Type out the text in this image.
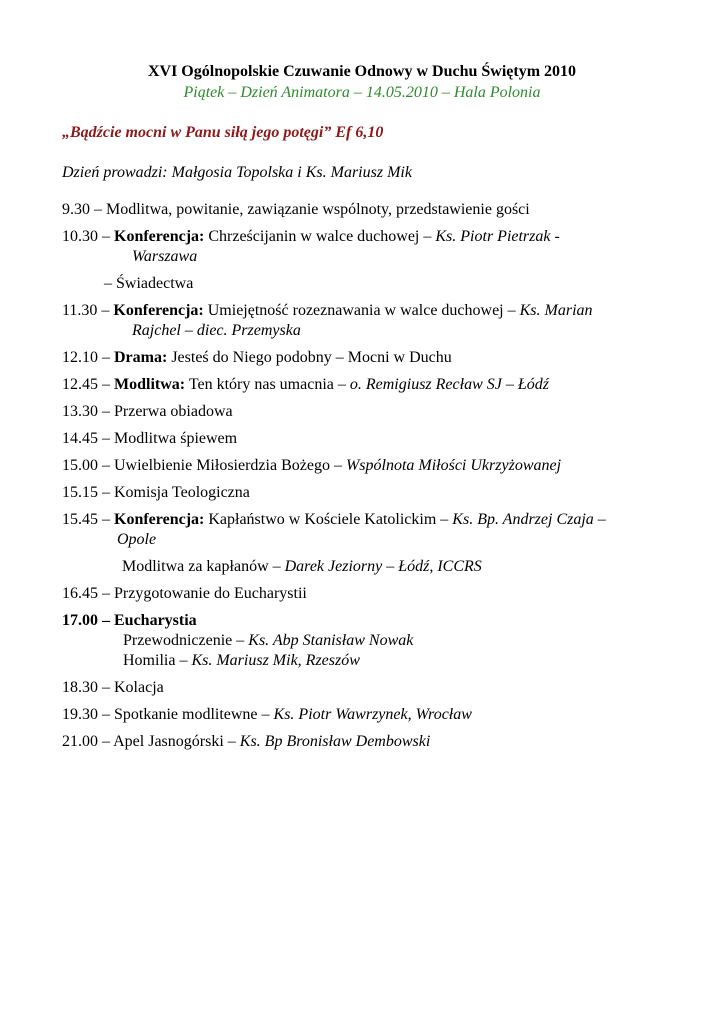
XVI Ogólnopolskie Czuwanie Odnowy w Duchu Świętym 2010

Piątek – Dzień Animatora – 14.05.2010 – Hala Polonia

„Bądźcie mocni w Panu siłą jego potęgi” Ef 6,10

Dzień prowadzi: Małgosia Topolska i Ks. Mariusz Mik

9.30 – Modlitwa, powitanie, zawiązanie wspólnoty, przedstawienie gości
10.30 – Konferencja: Chrześcijanin w walce duchowej – Ks. Piotr Pietrzak -
Warszawa
– Świadectwa
11.30 – Konferencja: Umiejętność rozeznawania w walce duchowej – Ks. Marian
Rajchel – diec. Przemyska
12.10 – Drama: Jesteś do Niego podobny – Mocni w Duchu
12.45 – Modlitwa: Ten który nas umacnia – o. Remigiusz Recław SJ – Łódź
13.30 – Przerwa obiadowa
14.45 – Modlitwa śpiewem
15.00 – Uwielbienie Miłosierdzia Bożego – Wspólnota Miłości Ukrzyżowanej
15.15 – Komisja Teologiczna
15.45 – Konferencja: Kapłaństwo w Kościele Katolickim – Ks. Bp. Andrzej Czaja –
Opole
Modlitwa za kapłanów – Darek Jeziorny – Łódź, ICCRS
16.45 – Przygotowanie do Eucharystii
17.00 – Eucharystia
Przewodniczenie – Ks. Abp Stanisław Nowak
Homilia – Ks. Mariusz Mik, Rzeszów
18.30 – Kolacja
19.30 – Spotkanie modlitewne – Ks. Piotr Wawrzynek, Wrocław
21.00 – Apel Jasnogórski – Ks. Bp Bronisław Dembowski
